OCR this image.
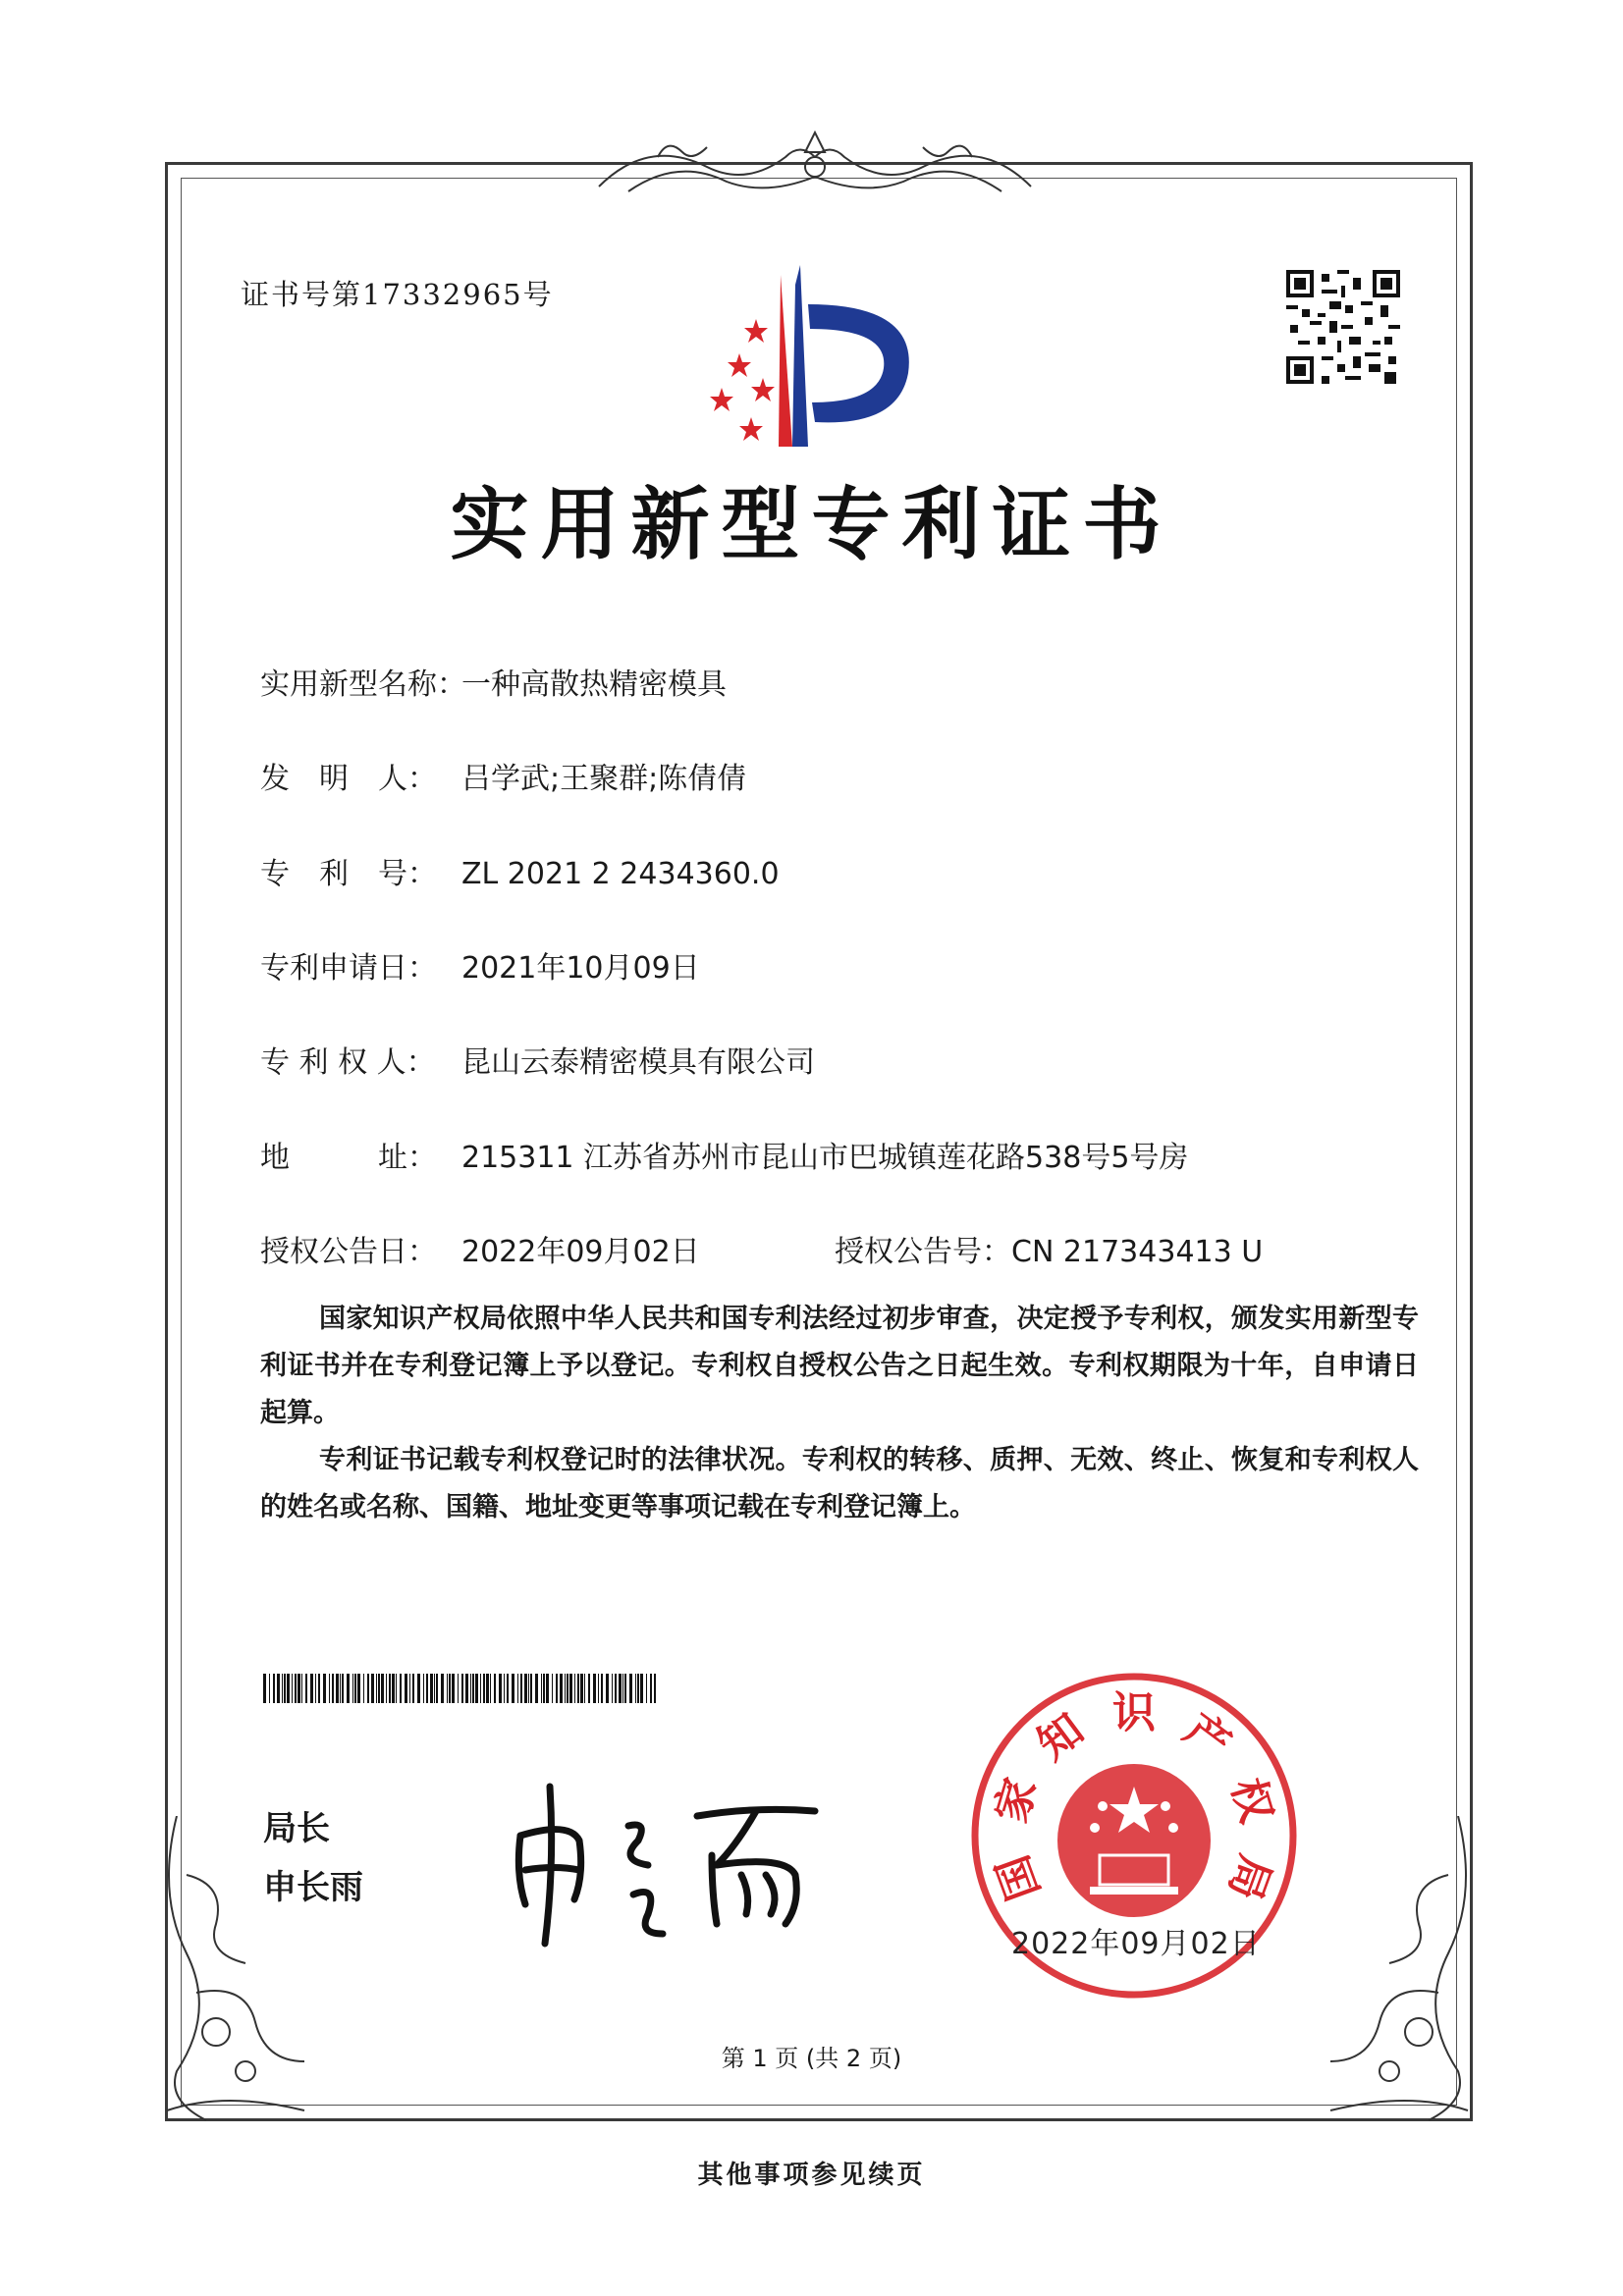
证书号第17332965号
实用新型专利证书
实用新型名称：一种高散热精密模具
发　明　人： 吕学武;王聚群;陈倩倩
专　利　号： ZL 2021 2 2434360.0
专利申请日： 2021年10月09日
专 利 权 人： 昆山云泰精密模具有限公司
地　　　址： 215311 江苏省苏州市昆山市巴城镇莲花路538号5号房
授权公告日： 2022年09月02日	授权公告号：CN 217343413 U
国家知识产权局依照中华人民共和国专利法经过初步审查，决定授予专利权，颁发实用新型专利证书并在专利登记簿上予以登记。专利权自授权公告之日起生效。专利权期限为十年，自申请日起算。
专利证书记载专利权登记时的法律状况。专利权的转移、质押、无效、终止、恢复和专利权人的姓名或名称、国籍、地址变更等事项记载在专利登记簿上。
局长
申长雨	国
家
知 识 产
权
局
2022年09月02日
第 1 页 (共 2 页)
其他事项参见续页
